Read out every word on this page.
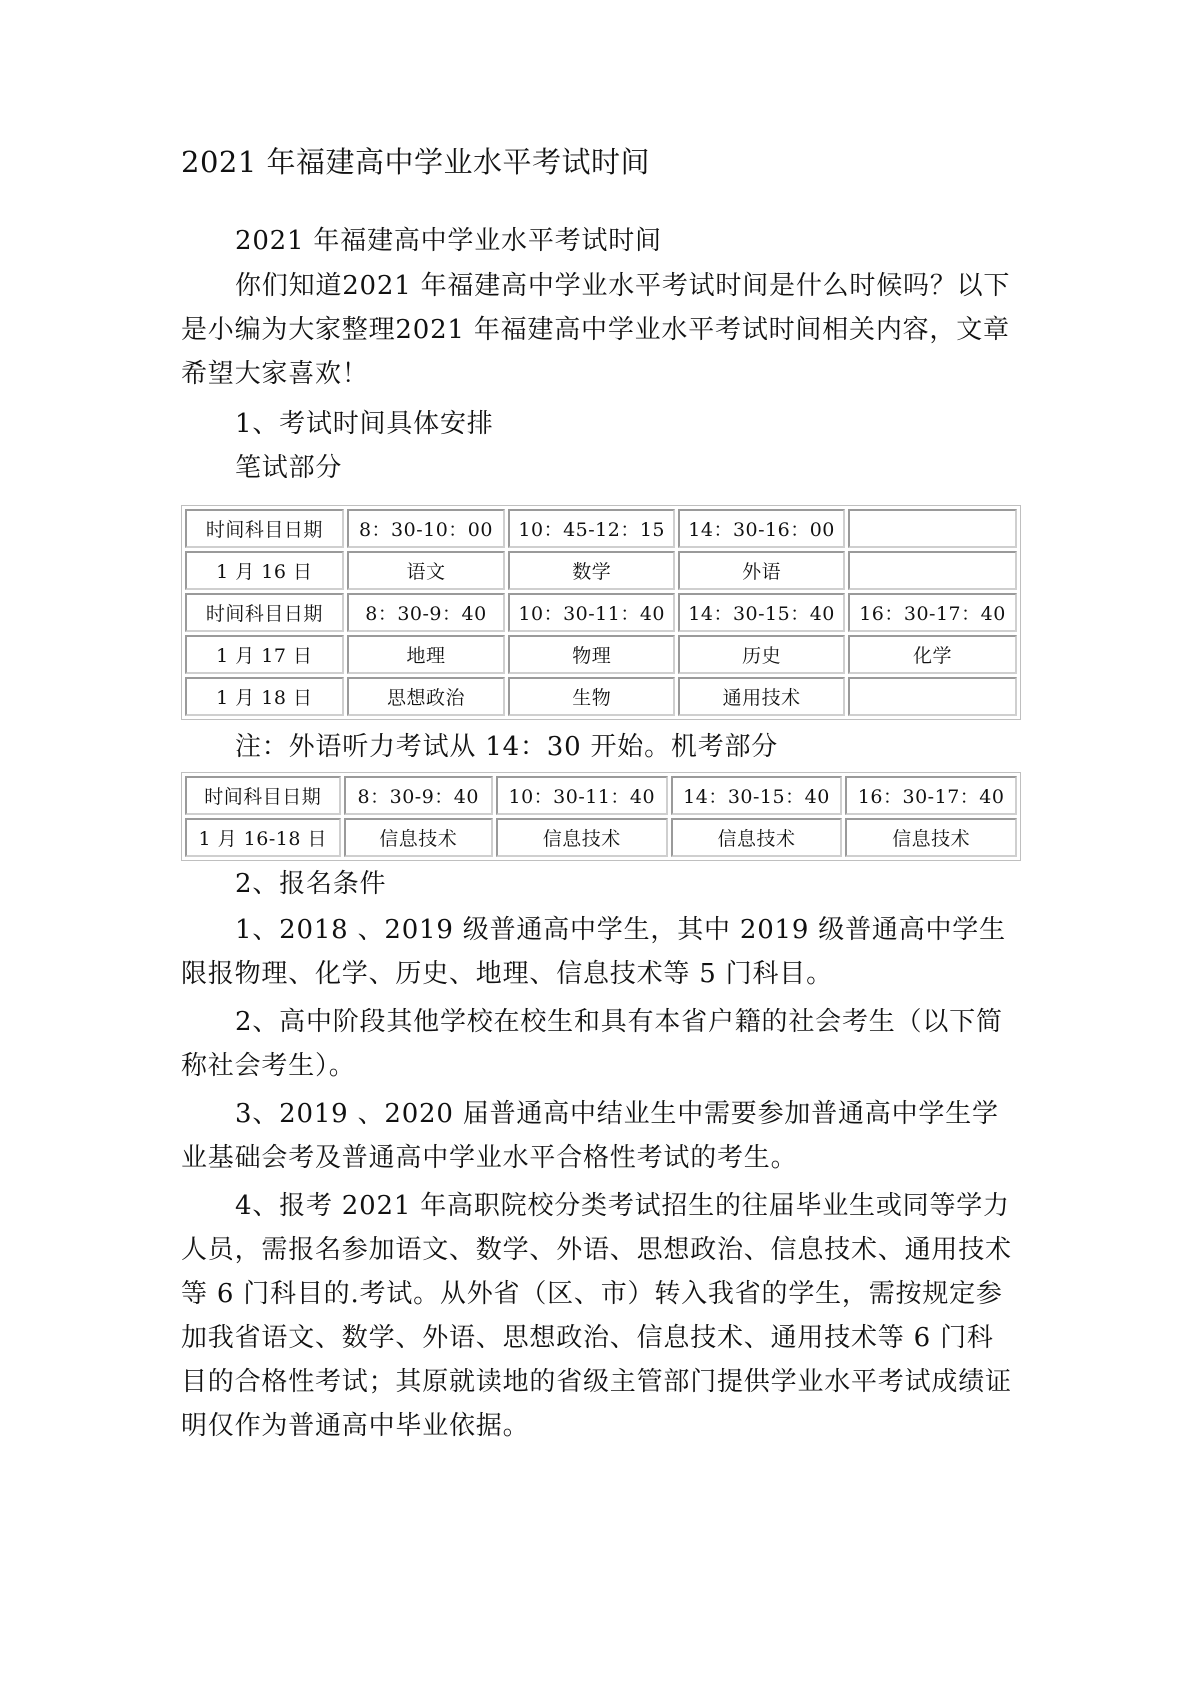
2021 年福建高中学业水平考试时间

2021 年福建高中学业水平考试时间

你们知道2021 年福建高中学业水平考试时间是什么时候吗？以下是小编为大家整理2021 年福建高中学业水平考试时间相关内容，文章希望大家喜欢！

1、考试时间具体安排

笔试部分

时间科目日期	8：30-10：00	10：45-12：15	14：30-16：00	
1 月 16 日	语文	数学	外语	
时间科目日期	8：30-9：40	10：30-11：40	14：30-15：40	16：30-17：40
1 月 17 日	地理	物理	历史	化学
1 月 18 日	思想政治	生物	通用技术	

注：外语听力考试从 14：30 开始。机考部分

时间科目日期	8：30-9：40	10：30-11：40	14：30-15：40	16：30-17：40
1 月 16-18 日	信息技术	信息技术	信息技术	信息技术

2、报名条件

1、2018 、2019 级普通高中学生，其中 2019 级普通高中学生限报物理、化学、历史、地理、信息技术等 5 门科目。

2、高中阶段其他学校在校生和具有本省户籍的社会考生（以下简称社会考生）。

3、2019 、2020 届普通高中结业生中需要参加普通高中学生学业基础会考及普通高中学业水平合格性考试的考生。

4、报考 2021 年高职院校分类考试招生的往届毕业生或同等学力人员，需报名参加语文、数学、外语、思想政治、信息技术、通用技术等 6 门科目的.考试。从外省（区、市）转入我省的学生，需按规定参加我省语文、数学、外语、思想政治、信息技术、通用技术等 6 门科目的合格性考试；其原就读地的省级主管部门提供学业水平考试成绩证明仅作为普通高中毕业依据。
